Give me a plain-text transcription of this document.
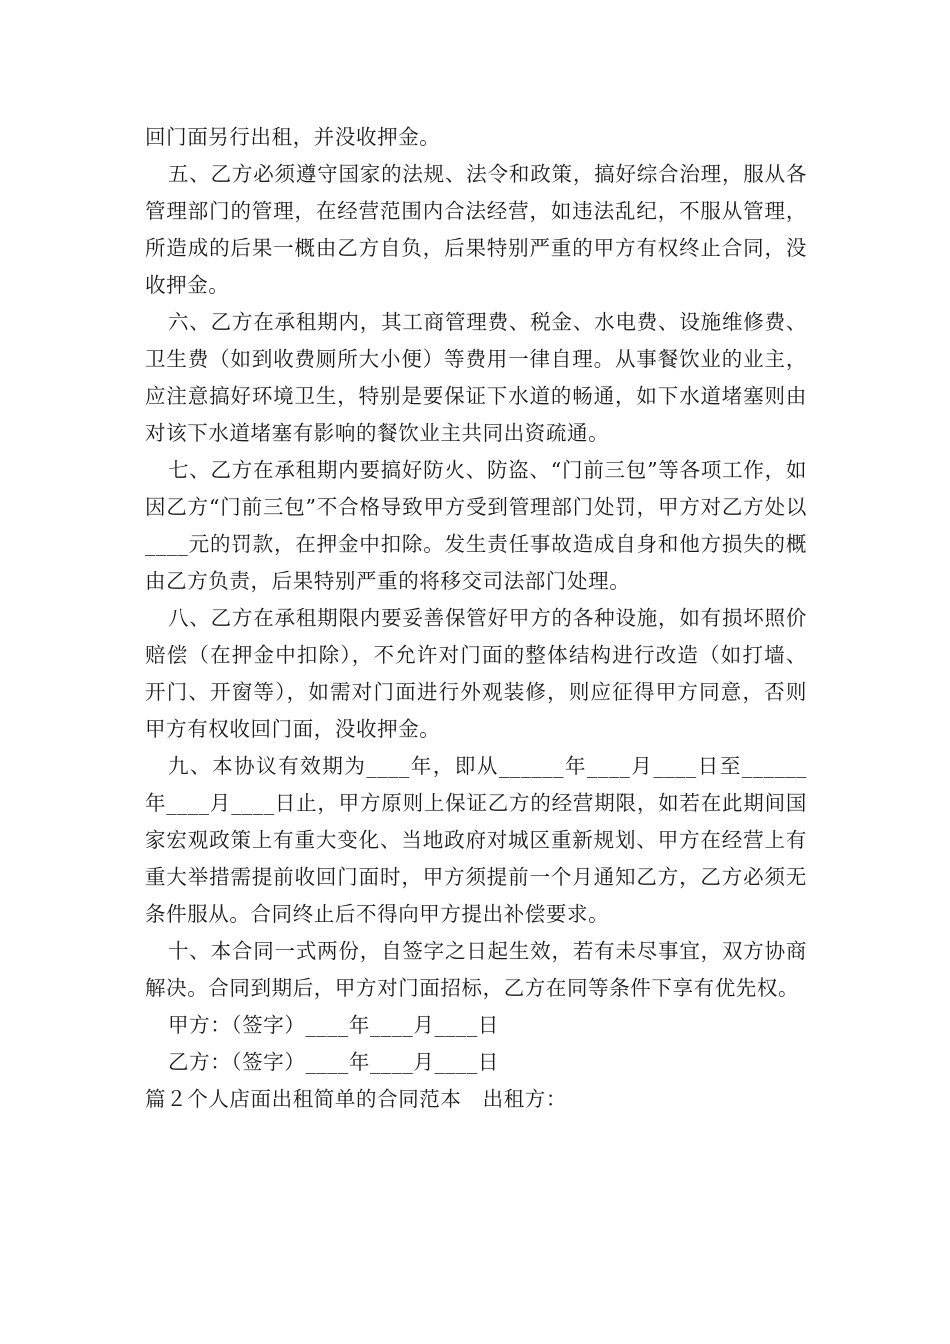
回门面另行出租，并没收押金。

五、乙方必须遵守国家的法规、法令和政策，搞好综合治理，服从各管理部门的管理，在经营范围内合法经营，如违法乱纪，不服从管理，所造成的后果一概由乙方自负，后果特别严重的甲方有权终止合同，没收押金。

六、乙方在承租期内，其工商管理费、税金、水电费、设施维修费、卫生费（如到收费厕所大小便）等费用一律自理。从事餐饮业的业主，应注意搞好环境卫生，特别是要保证下水道的畅通，如下水道堵塞则由对该下水道堵塞有影响的餐饮业主共同出资疏通。

七、乙方在承租期内要搞好防火、防盗、“门前三包”等各项工作，如因乙方“门前三包”不合格导致甲方受到管理部门处罚，甲方对乙方处以____元的罚款，在押金中扣除。发生责任事故造成自身和他方损失的概由乙方负责，后果特别严重的将移交司法部门处理。

八、乙方在承租期限内要妥善保管好甲方的各种设施，如有损坏照价赔偿（在押金中扣除），不允许对门面的整体结构进行改造（如打墙、开门、开窗等），如需对门面进行外观装修，则应征得甲方同意，否则甲方有权收回门面，没收押金。

九、本协议有效期为____年，即从______年____月____日至______年____月____日止，甲方原则上保证乙方的经营期限，如若在此期间国家宏观政策上有重大变化、当地政府对城区重新规划、甲方在经营上有重大举措需提前收回门面时，甲方须提前一个月通知乙方，乙方必须无条件服从。合同终止后不得向甲方提出补偿要求。

十、本合同一式两份，自签字之日起生效，若有未尽事宜，双方协商解决。合同到期后，甲方对门面招标，乙方在同等条件下享有优先权。

甲方：（签字）____年____月____日

乙方：（签字）____年____月____日

篇２个人店面出租简单的合同范本　出租方：
